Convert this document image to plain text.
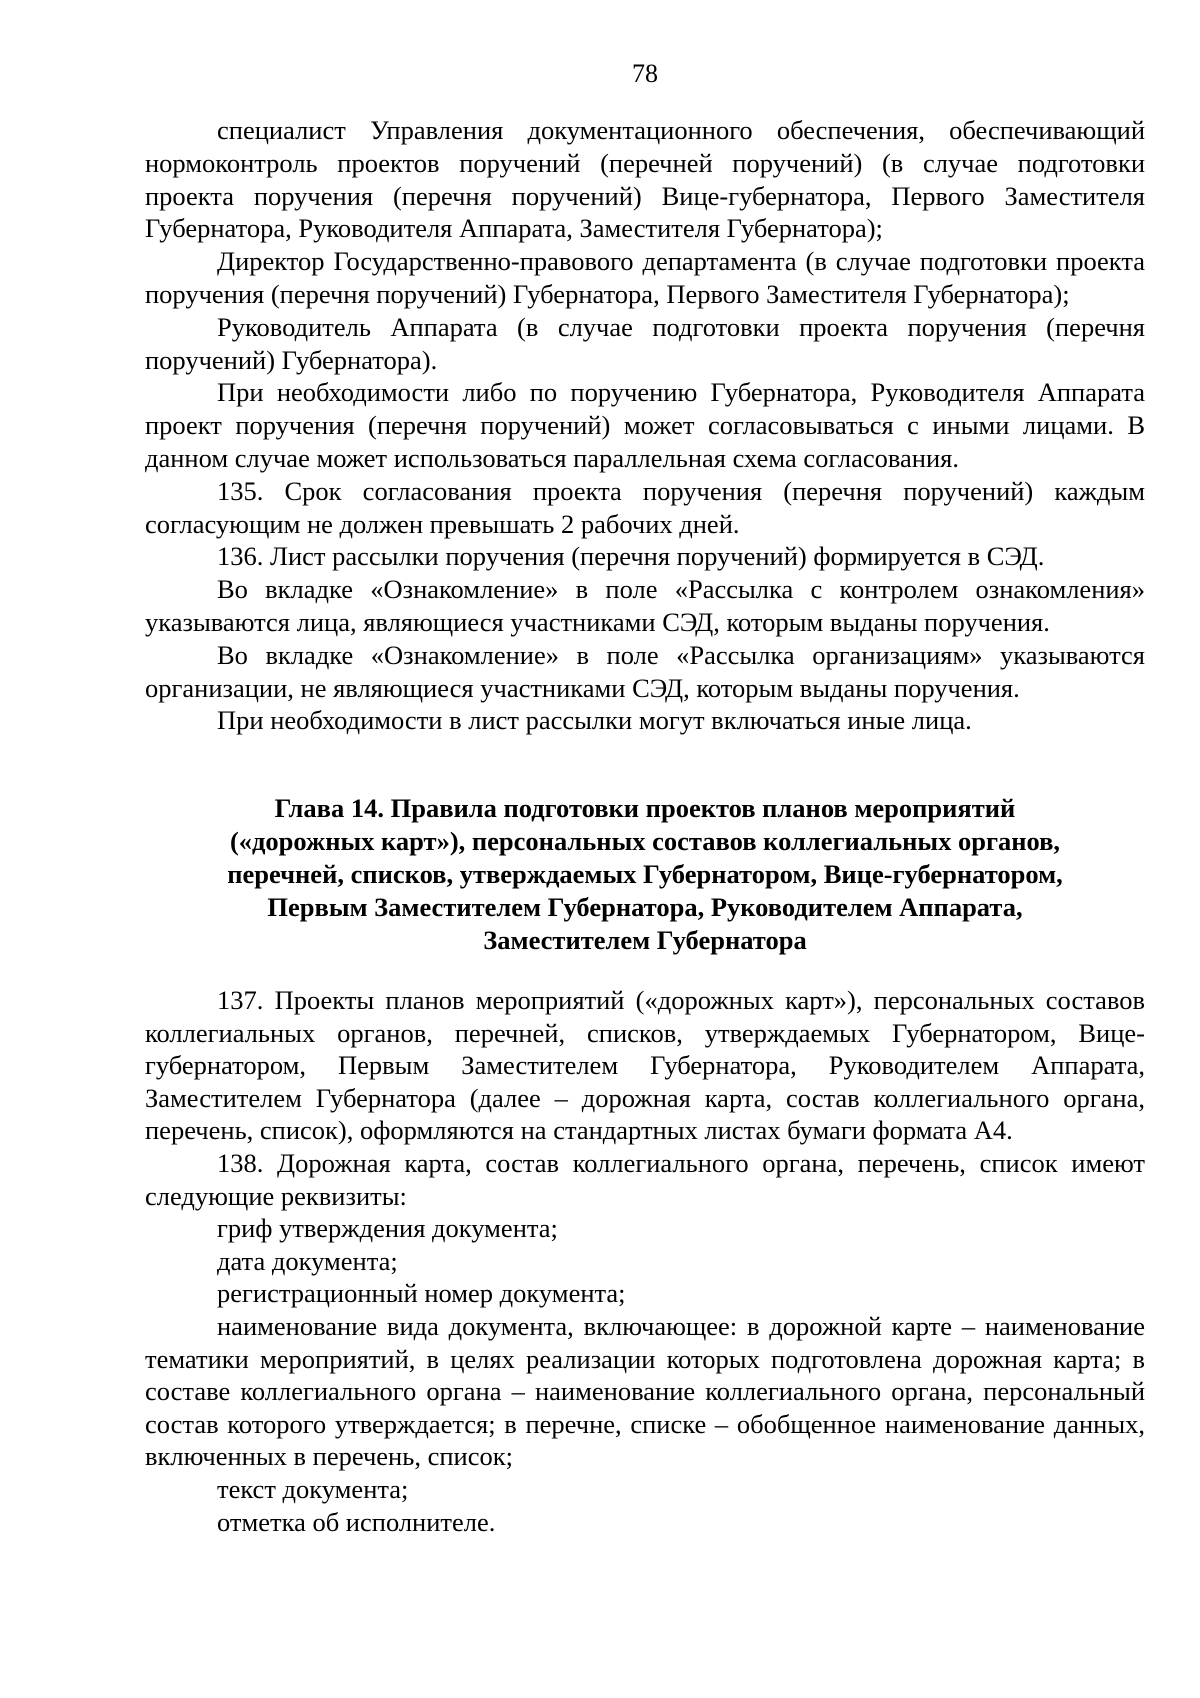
78

специалист Управления документационного обеспечения, обеспечивающий нормоконтроль проектов поручений (перечней поручений) (в случае подготовки проекта поручения (перечня поручений) Вице-губернатора, Первого Заместителя Губернатора, Руководителя Аппарата, Заместителя Губернатора);

Директор Государственно-правового департамента (в случае подготовки проекта поручения (перечня поручений) Губернатора, Первого Заместителя Губернатора);

Руководитель Аппарата (в случае подготовки проекта поручения (перечня поручений) Губернатора).

При необходимости либо по поручению Губернатора, Руководителя Аппарата проект поручения (перечня поручений) может согласовываться с иными лицами. В данном случае может использоваться параллельная схема согласования.

135. Срок согласования проекта поручения (перечня поручений) каждым согласующим не должен превышать 2 рабочих дней.

136. Лист рассылки поручения (перечня поручений) формируется в СЭД.

Во вкладке «Ознакомление» в поле «Рассылка с контролем ознакомления» указываются лица, являющиеся участниками СЭД, которым выданы поручения.

Во вкладке «Ознакомление» в поле «Рассылка организациям» указываются организации, не являющиеся участниками СЭД, которым выданы поручения.

При необходимости в лист рассылки могут включаться иные лица.

Глава 14. Правила подготовки проектов планов мероприятий
(«дорожных карт»), персональных составов коллегиальных органов,
перечней, списков, утверждаемых Губернатором, Вице-губернатором,
Первым Заместителем Губернатора, Руководителем Аппарата,
Заместителем Губернатора

137. Проекты планов мероприятий («дорожных карт»), персональных составов коллегиальных органов, перечней, списков, утверждаемых Губернатором, Вице-губернатором, Первым Заместителем Губернатора, Руководителем Аппарата, Заместителем Губернатора (далее – дорожная карта, состав коллегиального органа, перечень, список), оформляются на стандартных листах бумаги формата А4.

138. Дорожная карта, состав коллегиального органа, перечень, список имеют следующие реквизиты:

гриф утверждения документа;

дата документа;

регистрационный номер документа;

наименование вида документа, включающее: в дорожной карте – наименование тематики мероприятий, в целях реализации которых подготовлена дорожная карта; в составе коллегиального органа – наименование коллегиального органа, персональный состав которого утверждается; в перечне, списке – обобщенное наименование данных, включенных в перечень, список;

текст документа;

отметка об исполнителе.
